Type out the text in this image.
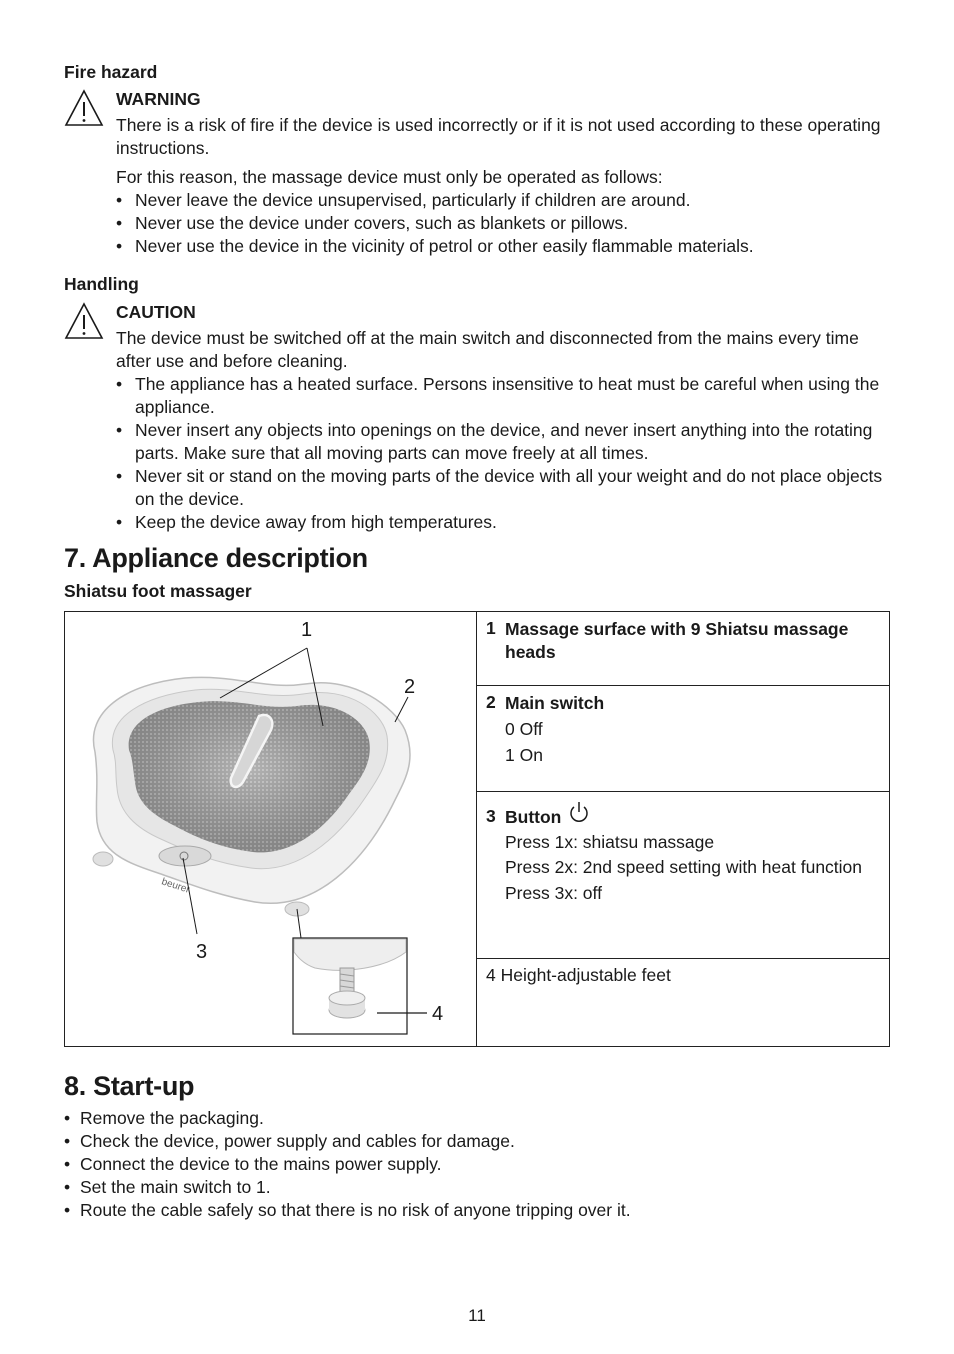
Fire hazard
WARNING

There is a risk of fire if the device is used incorrectly or if it is not used according to these operating instructions.

For this reason, the massage device must only be operated as follows:

• Never leave the device unsupervised, particularly if children are around.
• Never use the device under covers, such as blankets or pillows.
• Never use the device in the vicinity of petrol or other easily flammable materials.
Handling
CAUTION

The device must be switched off at the main switch and disconnected from the mains every time after use and before cleaning.

• The appliance has a heated surface. Persons insensitive to heat must be careful when using the appliance.
• Never insert any objects into openings on the device, and never insert anything into the rotating parts. Make sure that all moving parts can move freely at all times.
• Never sit or stand on the moving parts of the device with all your weight and do not place objects on the device.
• Keep the device away from high temperatures.
7. Appliance description
Shiatsu foot massager
beurer
1
2
3
4
1 Massage surface with 9 Shiatsu massage heads
2 Main switch
0 Off
1 On
3 Button
Press 1x: shiatsu massage
Press 2x: 2nd speed setting with heat function
Press 3x: off
4 Height-adjustable feet
8. Start-up
• Remove the packaging.
• Check the device, power supply and cables for damage.
• Connect the device to the mains power supply.
• Set the main switch to 1.
• Route the cable safely so that there is no risk of anyone tripping over it.
11
